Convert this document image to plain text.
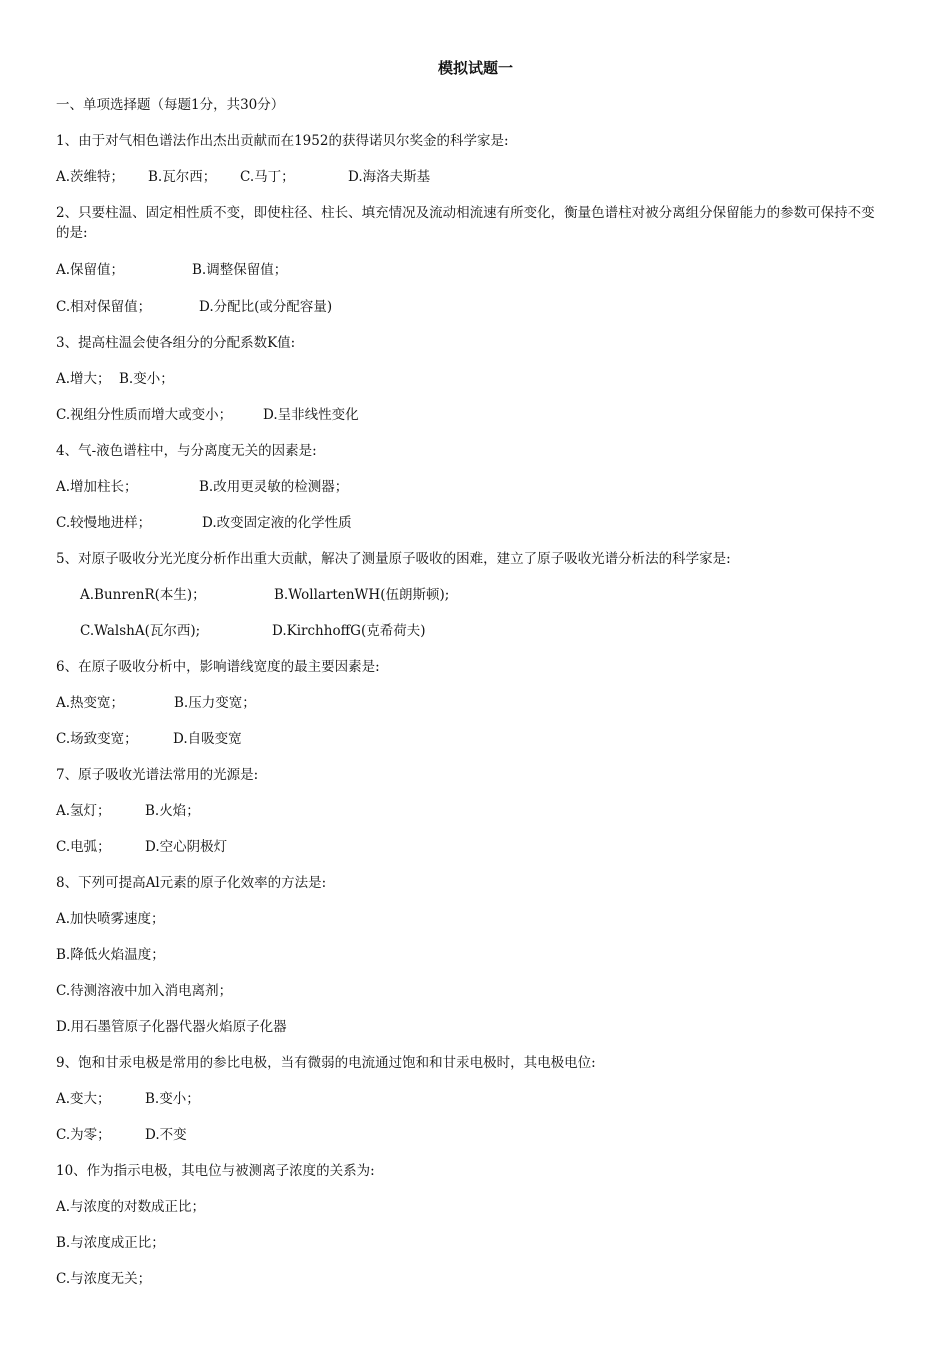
模拟试题一
一、单项选择题（每题1分，共30分）
1、由于对气相色谱法作出杰出贡献而在1952的获得诺贝尔奖金的科学家是:
A.茨维特； B.瓦尔西； C.马丁；	D.海洛夫斯基
2、只要柱温、固定相性质不变，即使柱径、柱长、填充情况及流动相流速有所变化，衡量色谱柱对被分离组分保留能力的参数可保持不变的是:
A.保留值；	B.调整保留值；
C.相对保留值；	D.分配比(或分配容量)
3、提高柱温会使各组分的分配系数K值:
A.增大； B.变小；
C.视组分性质而增大或变小； D.呈非线性变化
4、气-液色谱柱中，与分离度无关的因素是:
A.增加柱长；	B.改用更灵敏的检测器；
C.较慢地进样；	D.改变固定液的化学性质
5、对原子吸收分光光度分析作出重大贡献，解决了测量原子吸收的困难，建立了原子吸收光谱分析法的科学家是:
A.BunrenR(本生)；	B.WollartenWH(伍朗斯顿);
C.WalshA(瓦尔西);	D.KirchhoffG(克希荷夫)
6、在原子吸收分析中，影响谱线宽度的最主要因素是:
A.热变宽；	B.压力变宽；
C.场致变宽；	D.自吸变宽
7、原子吸收光谱法常用的光源是:
A.氢灯；	B.火焰；
C.电弧；	D.空心阴极灯
8、下列可提高Al元素的原子化效率的方法是:
A.加快喷雾速度；
B.降低火焰温度；
C.待测溶液中加入消电离剂；
D.用石墨管原子化器代器火焰原子化器
9、饱和甘汞电极是常用的参比电极，当有微弱的电流通过饱和和甘汞电极时，其电极电位:
A.变大；	B.变小；
C.为零；	D.不变
10、作为指示电极，其电位与被测离子浓度的关系为:
A.与浓度的对数成正比；
B.与浓度成正比；
C.与浓度无关；
